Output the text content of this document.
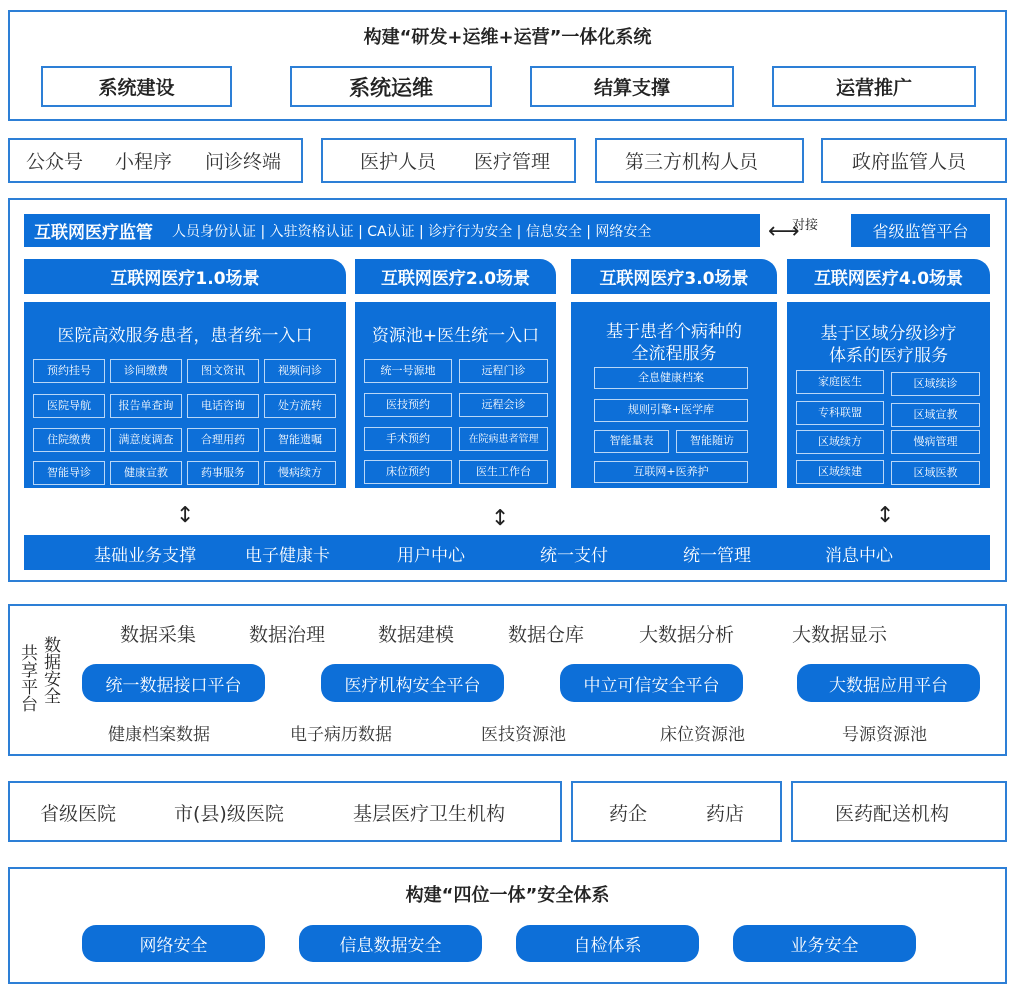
构建“研发+运维+运营”一体化系统
系统建设	系统运维	结算支撑	运营推广
公众号 小程序 问诊终端	医护人员 医疗管理	第三方机构人员	政府监管人员
互联网医疗监管 人员身份认证 | 入驻资格认证 | CA认证 | 诊疗行为安全 | 信息安全 | 网络安全	对接
⟷	省级监管平台
互联网医疗1.0场景
医院高效服务患者，患者统一入口
预约挂号	诊间缴费	图文资讯	视频问诊
医院导航	报告单查询	电话咨询	处方流转
住院缴费	满意度调查	合理用药	智能遗嘱
智能导诊	健康宣教	药事服务	慢病续方
互联网医疗2.0场景
资源池+医生统一入口
统一号源地	远程门诊
医技预约	远程会诊
手术预约	在院病患者管理
床位预约	医生工作台
互联网医疗3.0场景
基于患者个病种的
全流程服务
全息健康档案
规则引擎+医学库
智能量表	智能随访
互联网+医养护
互联网医疗4.0场景
基于区域分级诊疗
体系的医疗服务
家庭医生	区域续诊
专科联盟	区域宣教
区域续方	慢病管理
区域续建	区域医教
↕	↕	↕
基础业务支撑	电子健康卡	用户中心	统一支付	统一管理	消息中心
共享平台 数据安全
数据采集	数据治理	数据建模	数据仓库	大数据分析	大数据显示
统一数据接口平台	医疗机构安全平台	中立可信安全平台	大数据应用平台
健康档案数据	电子病历数据	医技资源池	床位资源池	号源资源池
省级医院	市(县)级医院	基层医疗卫生机构	药企	药店	医药配送机构
构建“四位一体”安全体系
网络安全	信息数据安全	自检体系	业务安全
